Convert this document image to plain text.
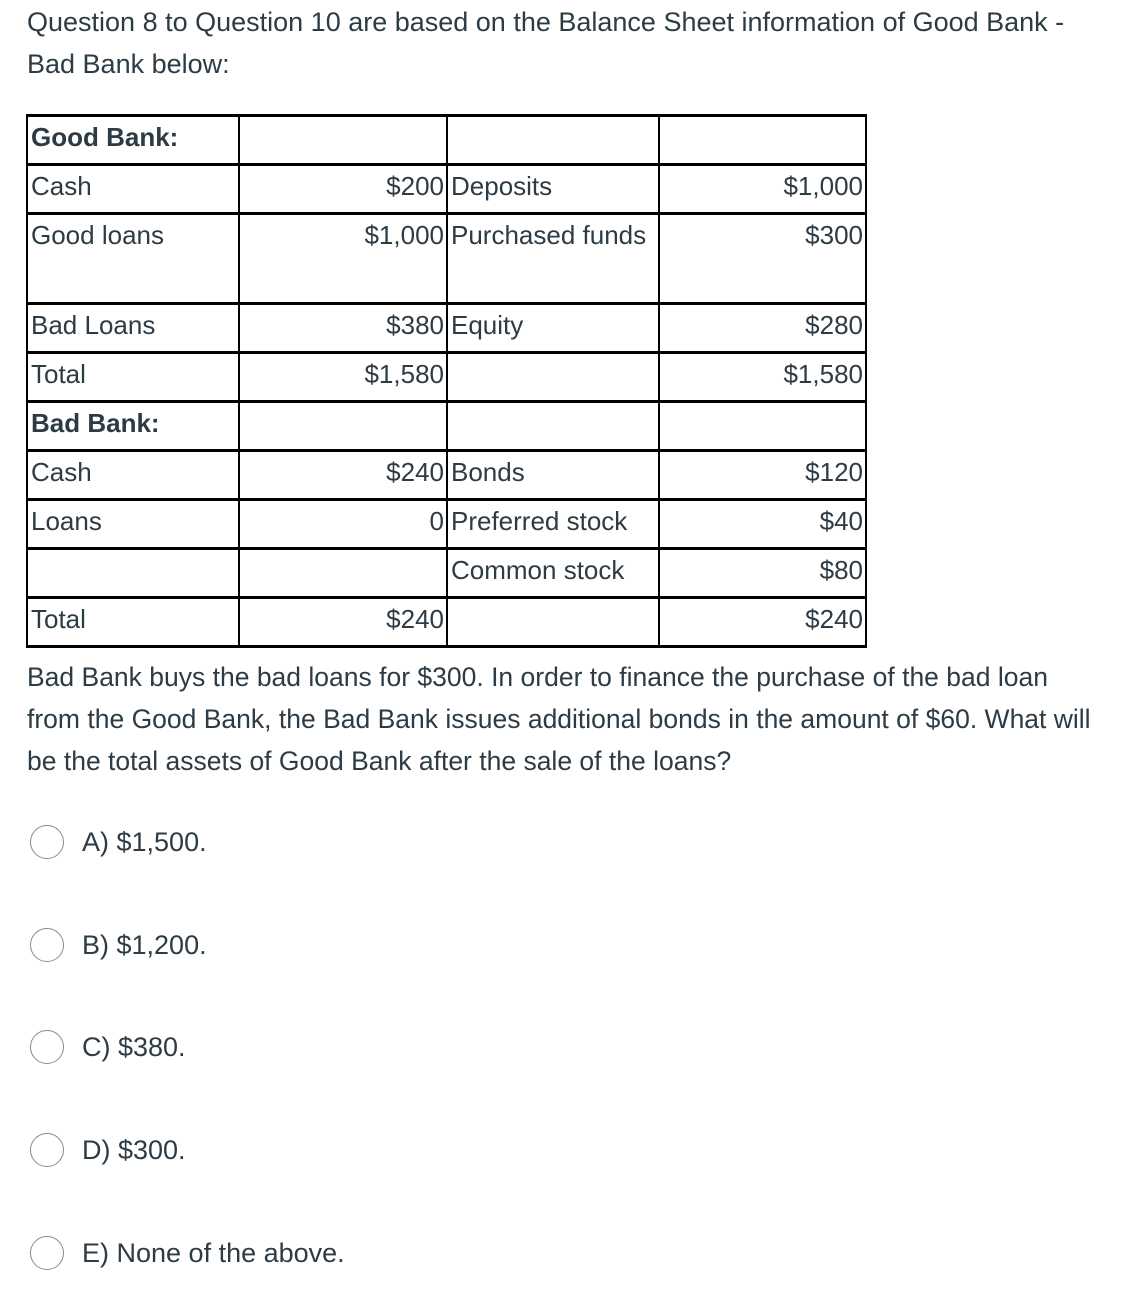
Question 8 to Question 10 are based on the Balance Sheet information of Good Bank - Bad Bank below:

Good Bank:			
Cash	$200	Deposits	$1,000
Good loans	$1,000	Purchased funds	$300
Bad Loans	$380	Equity	$280
Total	$1,580		$1,580
Bad Bank:			
Cash	$240	Bonds	$120
Loans	0	Preferred stock	$40
		Common stock	$80
Total	$240		$240

Bad Bank buys the bad loans for $300. In order to finance the purchase of the bad loan from the Good Bank, the Bad Bank issues additional bonds in the amount of $60. What will be the total assets of Good Bank after the sale of the loans?

A) $1,500.
B) $1,200.
C) $380.
D) $300.
E) None of the above.
